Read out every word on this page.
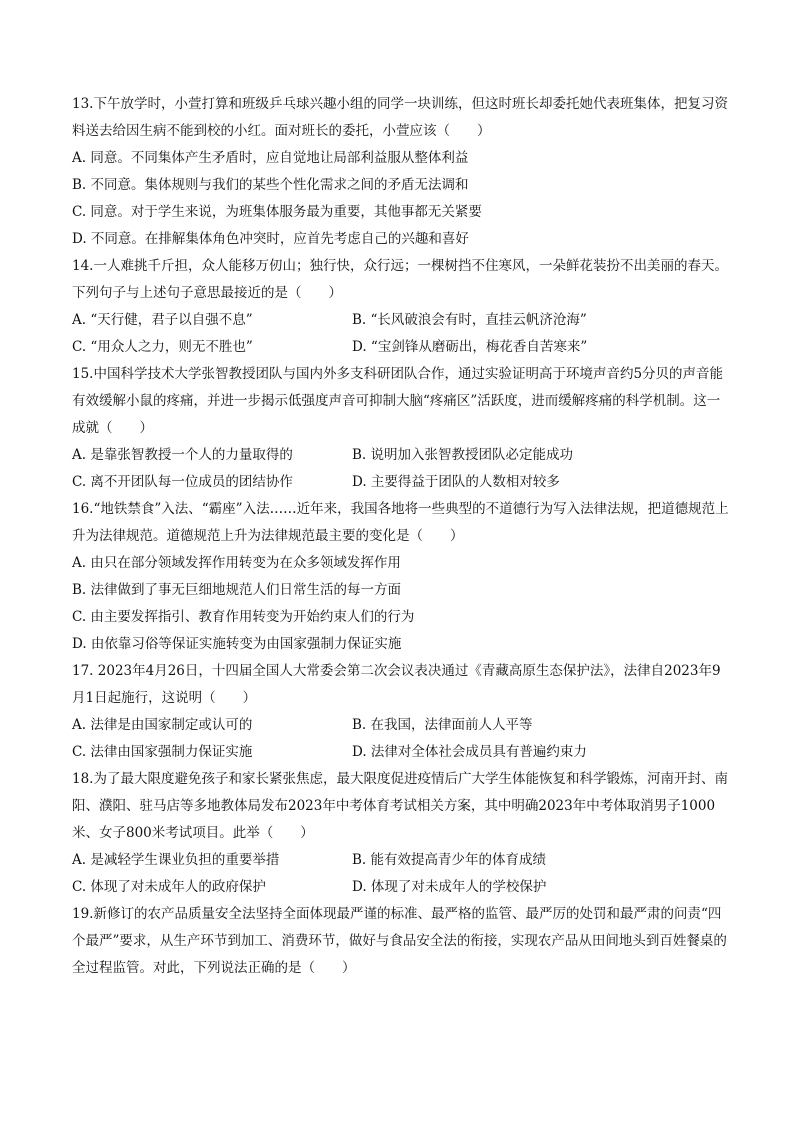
13.下午放学时，小萱打算和班级乒乓球兴趣小组的同学一块训练，但这时班长却委托她代表班集体，把复习资料送去给因生病不能到校的小红。面对班长的委托，小萱应该（　　）

A. 同意。不同集体产生矛盾时，应自觉地让局部利益服从整体利益
B. 不同意。集体规则与我们的某些个性化需求之间的矛盾无法调和
C. 同意。对于学生来说，为班集体服务最为重要，其他事都无关紧要
D. 不同意。在排解集体角色冲突时，应首先考虑自己的兴趣和喜好

14.一人难挑千斤担，众人能移万仞山；独行快，众行远；一棵树挡不住寒风，一朵鲜花装扮不出美丽的春天。下列句子与上述句子意思最接近的是（　　）

A. “天行健，君子以自强不息”	B. “长风破浪会有时，直挂云帆济沧海”
C. “用众人之力，则无不胜也”	D. “宝剑锋从磨砺出，梅花香自苦寒来”

15.中国科学技术大学张智教授团队与国内外多支科研团队合作，通过实验证明高于环境声音约5分贝的声音能有效缓解小鼠的疼痛，并进一步揭示低强度声音可抑制大脑“疼痛区”活跃度，进而缓解疼痛的科学机制。这一成就（　　）

A. 是靠张智教授一个人的力量取得的	B. 说明加入张智教授团队必定能成功
C. 离不开团队每一位成员的团结协作	D. 主要得益于团队的人数相对较多

16.“地铁禁食”入法、“霸座”入法……近年来，我国各地将一些典型的不道德行为写入法律法规，把道德规范上升为法律规范。道德规范上升为法律规范最主要的变化是（　　）

A. 由只在部分领域发挥作用转变为在众多领域发挥作用
B. 法律做到了事无巨细地规范人们日常生活的每一方面
C. 由主要发挥指引、教育作用转变为开始约束人们的行为
D. 由依靠习俗等保证实施转变为由国家强制力保证实施

17. 2023年4月26日，十四届全国人大常委会第二次会议表决通过《青藏高原生态保护法》，法律自2023年9月1日起施行，这说明（　　）

A. 法律是由国家制定或认可的	B. 在我国，法律面前人人平等
C. 法律由国家强制力保证实施	D. 法律对全体社会成员具有普遍约束力

18.为了最大限度避免孩子和家长紧张焦虑，最大限度促进疫情后广大学生体能恢复和科学锻炼，河南开封、南阳、濮阳、驻马店等多地教体局发布2023年中考体育考试相关方案，其中明确2023年中考体取消男子1000米、女子800米考试项目。此举（　　）

A. 是减轻学生课业负担的重要举措	B. 能有效提高青少年的体育成绩
C. 体现了对未成年人的政府保护	D. 体现了对未成年人的学校保护

19.新修订的农产品质量安全法坚持全面体现最严谨的标准、最严格的监管、最严厉的处罚和最严肃的问责“四个最严”要求，从生产环节到加工、消费环节，做好与食品安全法的衔接，实现农产品从田间地头到百姓餐桌的全过程监管。对此，下列说法正确的是（　　）
